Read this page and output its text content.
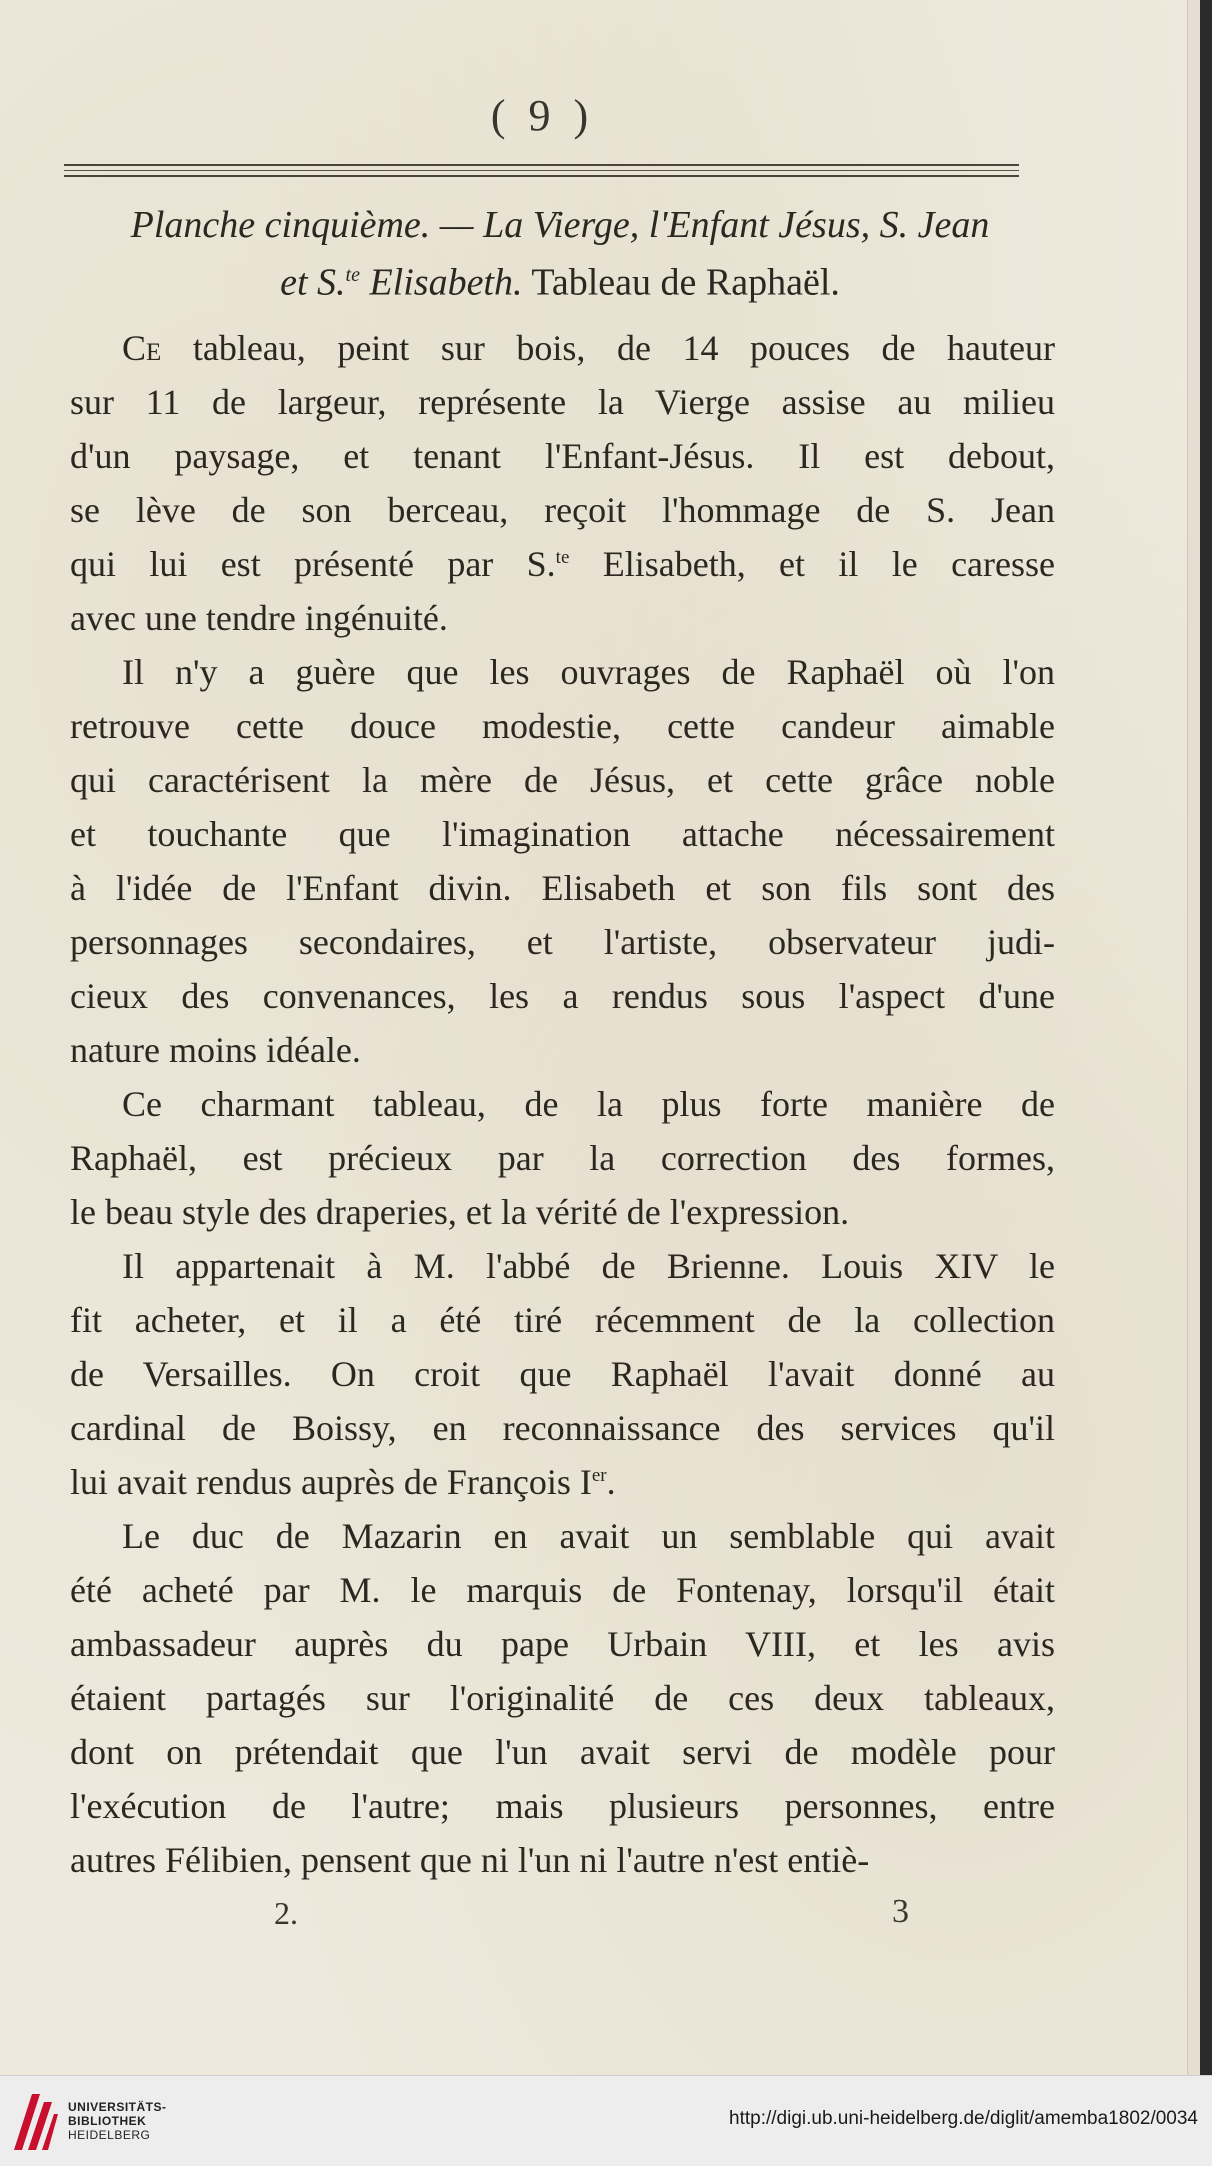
( 9 )
Planche cinquième. — La Vierge, l'Enfant Jésus, S. Jean
et S.$^{te}$ Elisabeth. Tableau de Raphaël.

Ce tableau, peint sur bois, de 14 pouces de hauteur
sur 11 de largeur, représente la Vierge assise au milieu
d'un paysage, et tenant l'Enfant-Jésus. Il est debout,
se lève de son berceau, reçoit l'hommage de S. Jean
qui lui est présenté par S.$^{te}$ Elisabeth, et il le caresse
avec une tendre ingénuité.

Il n'y a guère que les ouvrages de Raphaël où l'on
retrouve cette douce modestie, cette candeur aimable
qui caractérisent la mère de Jésus, et cette grâce noble
et touchante que l'imagination attache nécessairement
à l'idée de l'Enfant divin. Elisabeth et son fils sont des
personnages secondaires, et l'artiste, observateur judi-
cieux des convenances, les a rendus sous l'aspect d'une
nature moins idéale.

Ce charmant tableau, de la plus forte manière de
Raphaël, est précieux par la correction des formes,
le beau style des draperies, et la vérité de l'expression.

Il appartenait à M. l'abbé de Brienne. Louis XIV le
fit acheter, et il a été tiré récemment de la collection
de Versailles. On croit que Raphaël l'avait donné au
cardinal de Boissy, en reconnaissance des services qu'il
lui avait rendus auprès de François Ier.

Le duc de Mazarin en avait un semblable qui avait
été acheté par M. le marquis de Fontenay, lorsqu'il était
ambassadeur auprès du pape Urbain VIII, et les avis
étaient partagés sur l'originalité de ces deux tableaux,
dont on prétendait que l'un avait servi de modèle pour
l'exécution de l'autre; mais plusieurs personnes, entre
autres Félibien, pensent que ni l'un ni l'autre n'est entiè-

2.	3
UNIVERSITÄTS-
BIBLIOTHEK
HEIDELBERG
http://digi.ub.uni-heidelberg.de/diglit/amemba1802/0034
